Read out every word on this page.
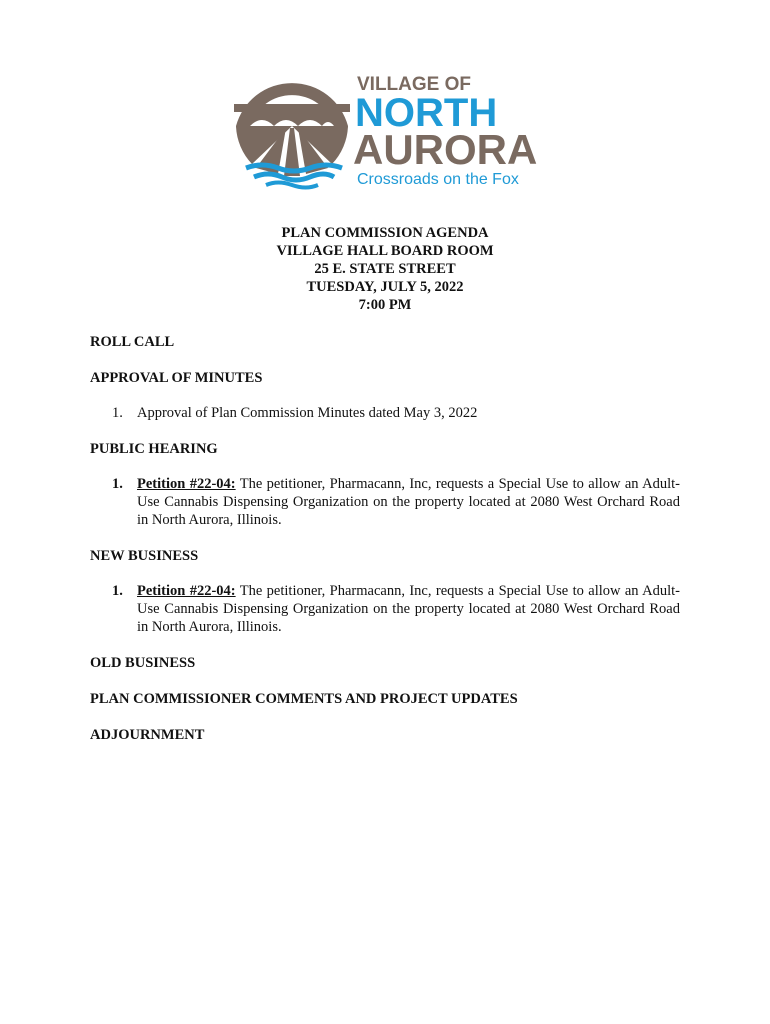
VILLAGE OF
NORTH
AURORA
Crossroads on the Fox
PLAN COMMISSION AGENDA
VILLAGE HALL BOARD ROOM
25 E. STATE STREET
TUESDAY, JULY 5, 2022
7:00 PM
ROLL CALL
APPROVAL OF MINUTES
1. Approval of Plan Commission Minutes dated May 3, 2022
PUBLIC HEARING
1. Petition #22-04: The petitioner, Pharmacann, Inc, requests a Special Use to allow an Adult-Use Cannabis Dispensing Organization on the property located at 2080 West Orchard Road in North Aurora, Illinois.
NEW BUSINESS
1. Petition #22-04: The petitioner, Pharmacann, Inc, requests a Special Use to allow an Adult-Use Cannabis Dispensing Organization on the property located at 2080 West Orchard Road in North Aurora, Illinois.
OLD BUSINESS
PLAN COMMISSIONER COMMENTS AND PROJECT UPDATES
ADJOURNMENT
